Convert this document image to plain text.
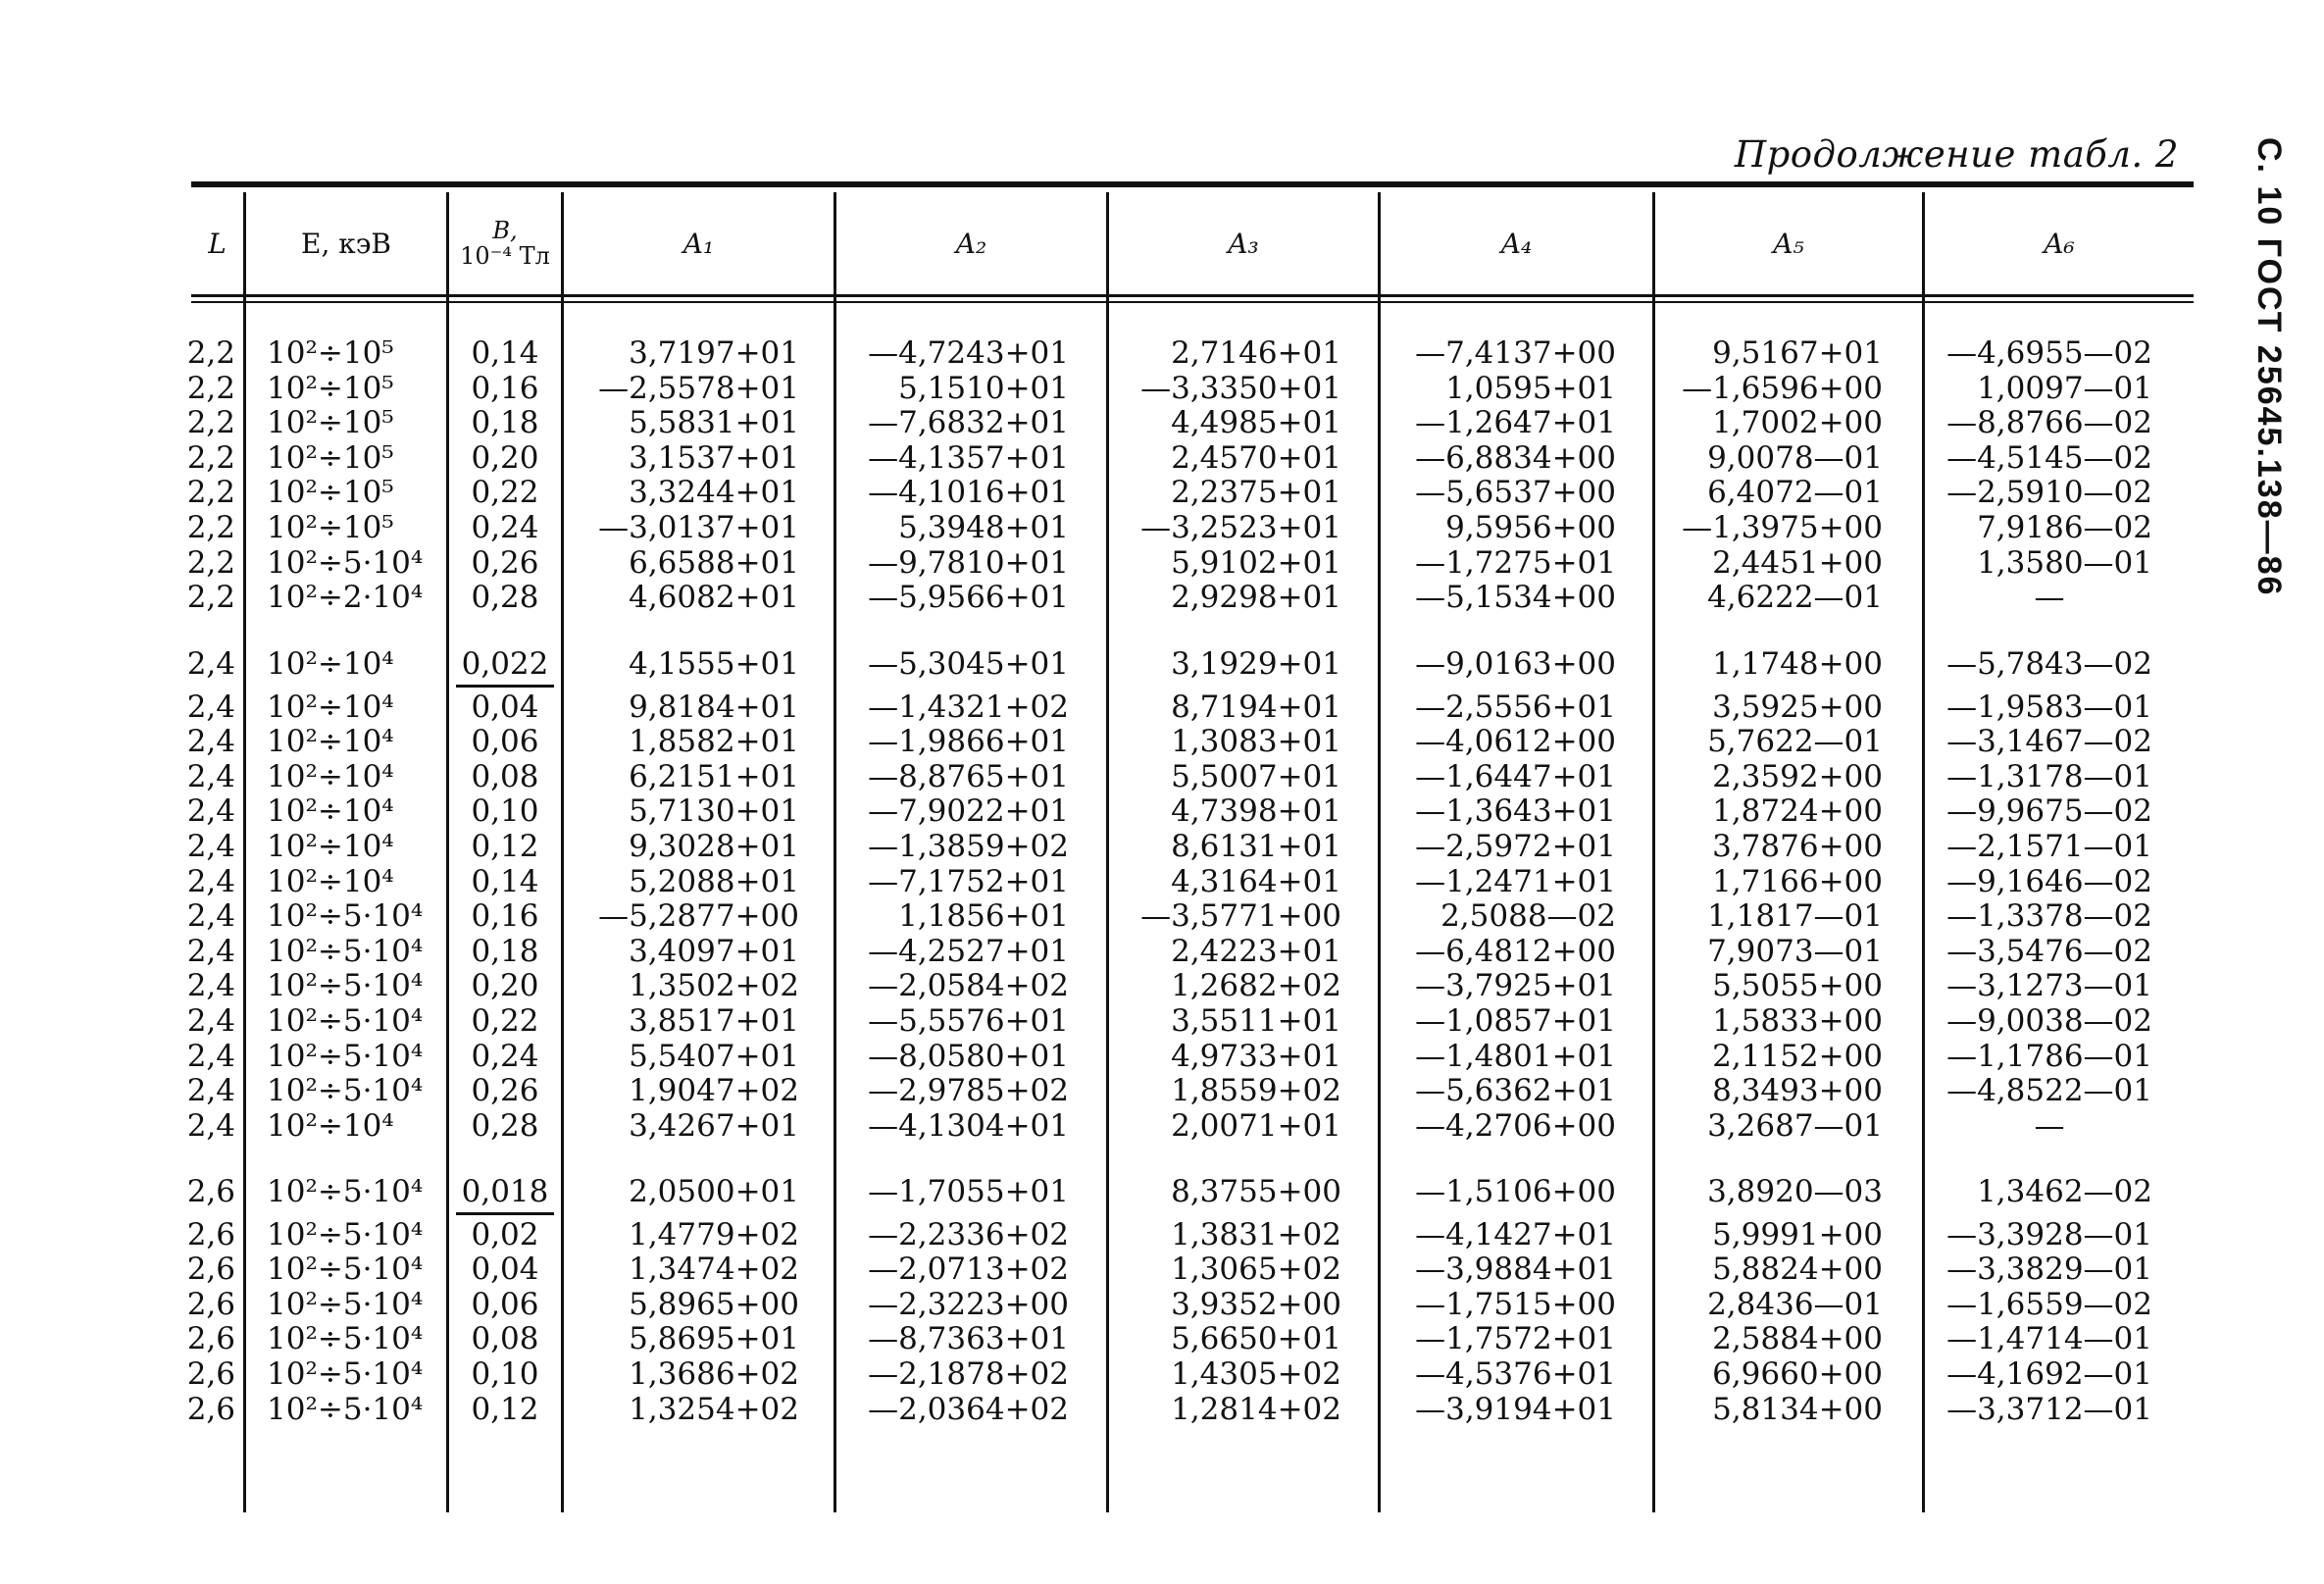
Продолжение табл. 2 С. 10 ГОСТ 25645.138—86
L	E, кэВ	B,
10⁻⁴ Тл	A₁	A₂	A₃	A₄	A₅	A₆
2,2 10²÷10⁵	0,14	3,7197+01	—4,7243+01	2,7146+01	—7,4137+00	9,5167+01	—4,6955—02
2,2 10²÷10⁵	0,16	—2,5578+01	5,1510+01	—3,3350+01	1,0595+01	—1,6596+00	1,0097—01
2,2 10²÷10⁵	0,18	5,5831+01	—7,6832+01	4,4985+01	—1,2647+01	1,7002+00	—8,8766—02
2,2 10²÷10⁵	0,20	3,1537+01	—4,1357+01	2,4570+01	—6,8834+00	9,0078—01	—4,5145—02
2,2 10²÷10⁵	0,22	3,3244+01	—4,1016+01	2,2375+01	—5,6537+00	6,4072—01	—2,5910—02
2,2 10²÷10⁵	0,24	—3,0137+01	5,3948+01	—3,2523+01	9,5956+00	—1,3975+00	7,9186—02
2,2 10²÷5·10⁴	0,26	6,6588+01	—9,7810+01	5,9102+01	—1,7275+01	2,4451+00	1,3580—01
2,2 10²÷2·10⁴	0,28	4,6082+01	—5,9566+01	2,9298+01	—5,1534+00	4,6222—01	—
2,4 10²÷10⁴	0,022	4,1555+01	—5,3045+01	3,1929+01	—9,0163+00	1,1748+00	—5,7843—02
2,4 10²÷10⁴	0,04	9,8184+01	—1,4321+02	8,7194+01	—2,5556+01	3,5925+00	—1,9583—01
2,4 10²÷10⁴	0,06	1,8582+01	—1,9866+01	1,3083+01	—4,0612+00	5,7622—01	—3,1467—02
2,4 10²÷10⁴	0,08	6,2151+01	—8,8765+01	5,5007+01	—1,6447+01	2,3592+00	—1,3178—01
2,4 10²÷10⁴	0,10	5,7130+01	—7,9022+01	4,7398+01	—1,3643+01	1,8724+00	—9,9675—02
2,4 10²÷10⁴	0,12	9,3028+01	—1,3859+02	8,6131+01	—2,5972+01	3,7876+00	—2,1571—01
2,4 10²÷10⁴	0,14	5,2088+01	—7,1752+01	4,3164+01	—1,2471+01	1,7166+00	—9,1646—02
2,4 10²÷5·10⁴	0,16	—5,2877+00	1,1856+01	—3,5771+00	2,5088—02	1,1817—01	—1,3378—02
2,4 10²÷5·10⁴	0,18	3,4097+01	—4,2527+01	2,4223+01	—6,4812+00	7,9073—01	—3,5476—02
2,4 10²÷5·10⁴	0,20	1,3502+02	—2,0584+02	1,2682+02	—3,7925+01	5,5055+00	—3,1273—01
2,4 10²÷5·10⁴	0,22	3,8517+01	—5,5576+01	3,5511+01	—1,0857+01	1,5833+00	—9,0038—02
2,4 10²÷5·10⁴	0,24	5,5407+01	—8,0580+01	4,9733+01	—1,4801+01	2,1152+00	—1,1786—01
2,4 10²÷5·10⁴	0,26	1,9047+02	—2,9785+02	1,8559+02	—5,6362+01	8,3493+00	—4,8522—01
2,4 10²÷10⁴	0,28	3,4267+01	—4,1304+01	2,0071+01	—4,2706+00	3,2687—01	—
2,6 10²÷5·10⁴	0,018	2,0500+01	—1,7055+01	8,3755+00	—1,5106+00	3,8920—03	1,3462—02
2,6 10²÷5·10⁴	0,02	1,4779+02	—2,2336+02	1,3831+02	—4,1427+01	5,9991+00	—3,3928—01
2,6 10²÷5·10⁴	0,04	1,3474+02	—2,0713+02	1,3065+02	—3,9884+01	5,8824+00	—3,3829—01
2,6 10²÷5·10⁴	0,06	5,8965+00	—2,3223+00	3,9352+00	—1,7515+00	2,8436—01	—1,6559—02
2,6 10²÷5·10⁴	0,08	5,8695+01	—8,7363+01	5,6650+01	—1,7572+01	2,5884+00	—1,4714—01
2,6 10²÷5·10⁴	0,10	1,3686+02	—2,1878+02	1,4305+02	—4,5376+01	6,9660+00	—4,1692—01
2,6 10²÷5·10⁴	0,12	1,3254+02	—2,0364+02	1,2814+02	—3,9194+01	5,8134+00	—3,3712—01
